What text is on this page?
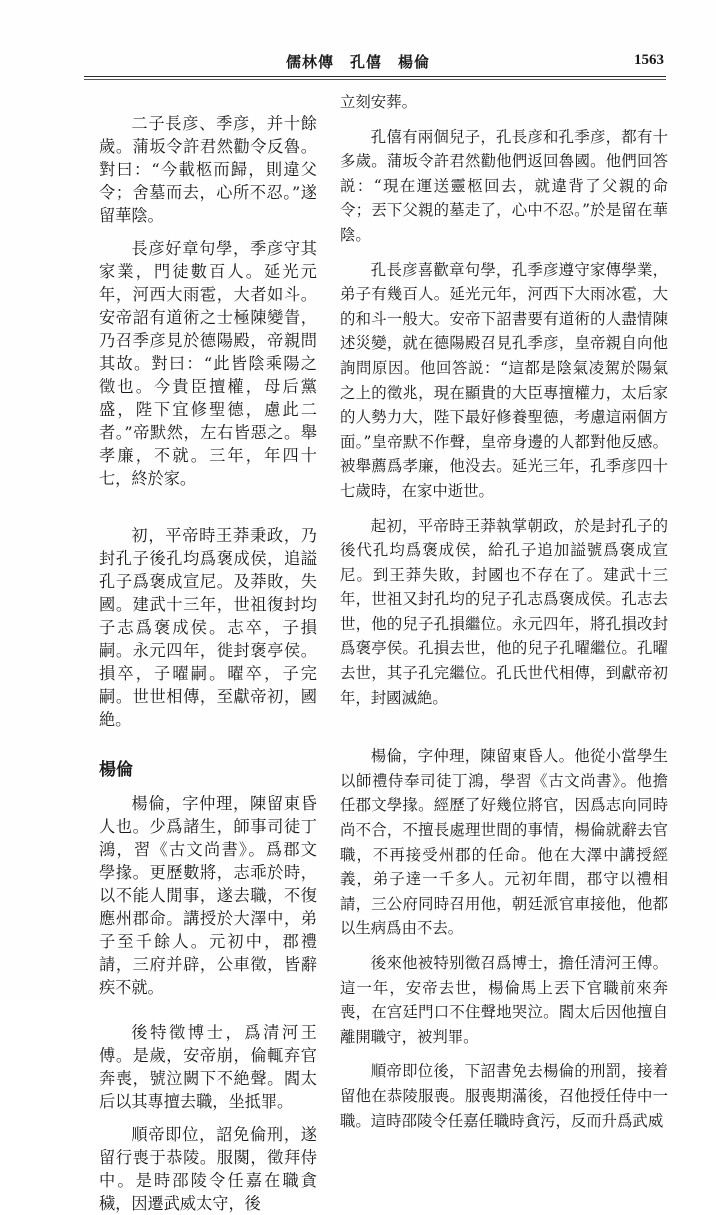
儒林傳　孔僖　楊倫	1563

二子長彦、季彦，并十餘歲。蒲坂令許君然勸令反魯。對曰：“今載柩而歸，則違父令；舍墓而去，心所不忍。”遂留華陰。

長彦好章句學，季彦守其家業，門徒數百人。延光元年，河西大雨雹，大者如斗。安帝詔有道術之士極陳變眚，乃召季彦見於德陽殿，帝親問其故。對曰：“此皆陰乘陽之徵也。今貴臣擅權，母后黨盛，陛下宜修聖德，慮此二者。”帝默然，左右皆惡之。舉孝廉，不就。三年，年四十七，終於家。

初，平帝時王莽秉政，乃封孔子後孔均爲褒成侯，追謚孔子爲褒成宣尼。及莽敗，失國。建武十三年，世祖復封均子志爲褒成侯。志卒，子損嗣。永元四年，徙封褒亭侯。損卒，子曜嗣。曜卒，子完嗣。世世相傳，至獻帝初，國絶。

楊倫

楊倫，字仲理，陳留東昏人也。少爲諸生，師事司徒丁鴻，習《古文尚書》。爲郡文學掾。更歷數將，志乖於時，以不能人閒事，遂去職，不復應州郡命。講授於大澤中，弟子至千餘人。元初中，郡禮請，三府并辟，公車徵，皆辭疾不就。

後特徵博士，爲清河王傅。是歲，安帝崩，倫輒弃官奔喪，號泣闕下不絶聲。閻太后以其專擅去職，坐抵罪。

順帝即位，詔免倫刑，遂留行喪于恭陵。服闋，徵拜侍中。是時邵陵令任嘉在職貪穢，因遷武威太守，後

立刻安葬。

孔僖有兩個兒子，孔長彦和孔季彦，都有十多歲。蒲坂令許君然勸他們返回魯國。他們回答説：“現在運送靈柩回去，就違背了父親的命令；丟下父親的墓走了，心中不忍。”於是留在華陰。

孔長彦喜歡章句學，孔季彦遵守家傳學業，弟子有幾百人。延光元年，河西下大雨冰雹，大的和斗一般大。安帝下詔書要有道術的人盡情陳述災變，就在德陽殿召見孔季彦，皇帝親自向他詢問原因。他回答説：“這都是陰氣凌駕於陽氣之上的徵兆，現在顯貴的大臣專擅權力，太后家的人勢力大，陛下最好修養聖德，考慮這兩個方面。”皇帝默不作聲，皇帝身邊的人都對他反感。被舉薦爲孝廉，他没去。延光三年，孔季彦四十七歲時，在家中逝世。

起初，平帝時王莽執掌朝政，於是封孔子的後代孔均爲褒成侯，給孔子追加謚號爲褒成宣尼。到王莽失敗，封國也不存在了。建武十三年，世祖又封孔均的兒子孔志爲褒成侯。孔志去世，他的兒子孔損繼位。永元四年，將孔損改封爲褒亭侯。孔損去世，他的兒子孔曜繼位。孔曜去世，其子孔完繼位。孔氏世代相傳，到獻帝初年，封國滅絶。

楊倫，字仲理，陳留東昏人。他從小當學生以師禮侍奉司徒丁鴻，學習《古文尚書》。他擔任郡文學掾。經歷了好幾位將官，因爲志向同時尚不合，不擅長處理世間的事情，楊倫就辭去官職，不再接受州郡的任命。他在大澤中講授經義，弟子達一千多人。元初年間，郡守以禮相請，三公府同時召用他，朝廷派官車接他，他都以生病爲由不去。

後來他被特别徵召爲博士，擔任清河王傅。這一年，安帝去世，楊倫馬上丟下官職前來奔喪，在宫廷門口不住聲地哭泣。閻太后因他擅自離開職守，被判罪。

順帝即位後，下詔書免去楊倫的刑罰，接着留他在恭陵服喪。服喪期滿後，召他授任侍中一職。這時邵陵令任嘉任職時貪污，反而升爲武威
